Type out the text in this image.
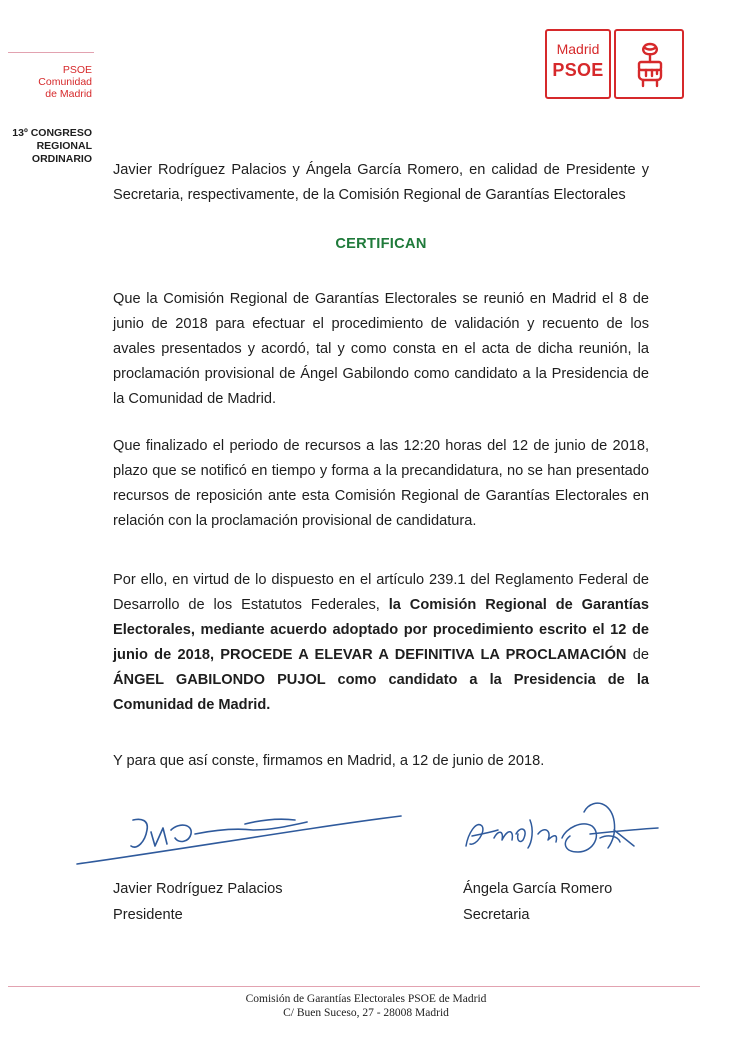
PSOE
Comunidad
de Madrid
13º CONGRESO
REGIONAL
ORDINARIO
Madrid
PSOE
Javier Rodríguez Palacios y Ángela García Romero, en calidad de Presidente y Secretaria, respectivamente, de la Comisión Regional de Garantías Electorales
CERTIFICAN
Que la Comisión Regional de Garantías Electorales se reunió en Madrid el 8 de junio de 2018 para efectuar el procedimiento de validación y recuento de los avales presentados y acordó, tal y como consta en el acta de dicha reunión, la proclamación provisional de Ángel Gabilondo como candidato a la Presidencia de la Comunidad de Madrid.
Que finalizado el periodo de recursos a las 12:20 horas del 12 de junio de 2018, plazo que se notificó en tiempo y forma a la precandidatura, no se han presentado recursos de reposición ante esta Comisión Regional de Garantías Electorales en relación con la proclamación provisional de candidatura.
Por ello, en virtud de lo dispuesto en el artículo 239.1 del Reglamento Federal de Desarrollo de los Estatutos Federales, la Comisión Regional de Garantías Electorales, mediante acuerdo adoptado por procedimiento escrito el 12 de junio de 2018, PROCEDE A ELEVAR A DEFINITIVA LA PROCLAMACIÓN de ÁNGEL GABILONDO PUJOL como candidato a la Presidencia de la Comunidad de Madrid.
Y para que así conste, firmamos en Madrid, a 12 de junio de 2018.
Javier Rodríguez Palacios
Presidente
Ángela García Romero
Secretaria
Comisión de Garantías Electorales PSOE de Madrid
C/ Buen Suceso, 27 - 28008 Madrid
